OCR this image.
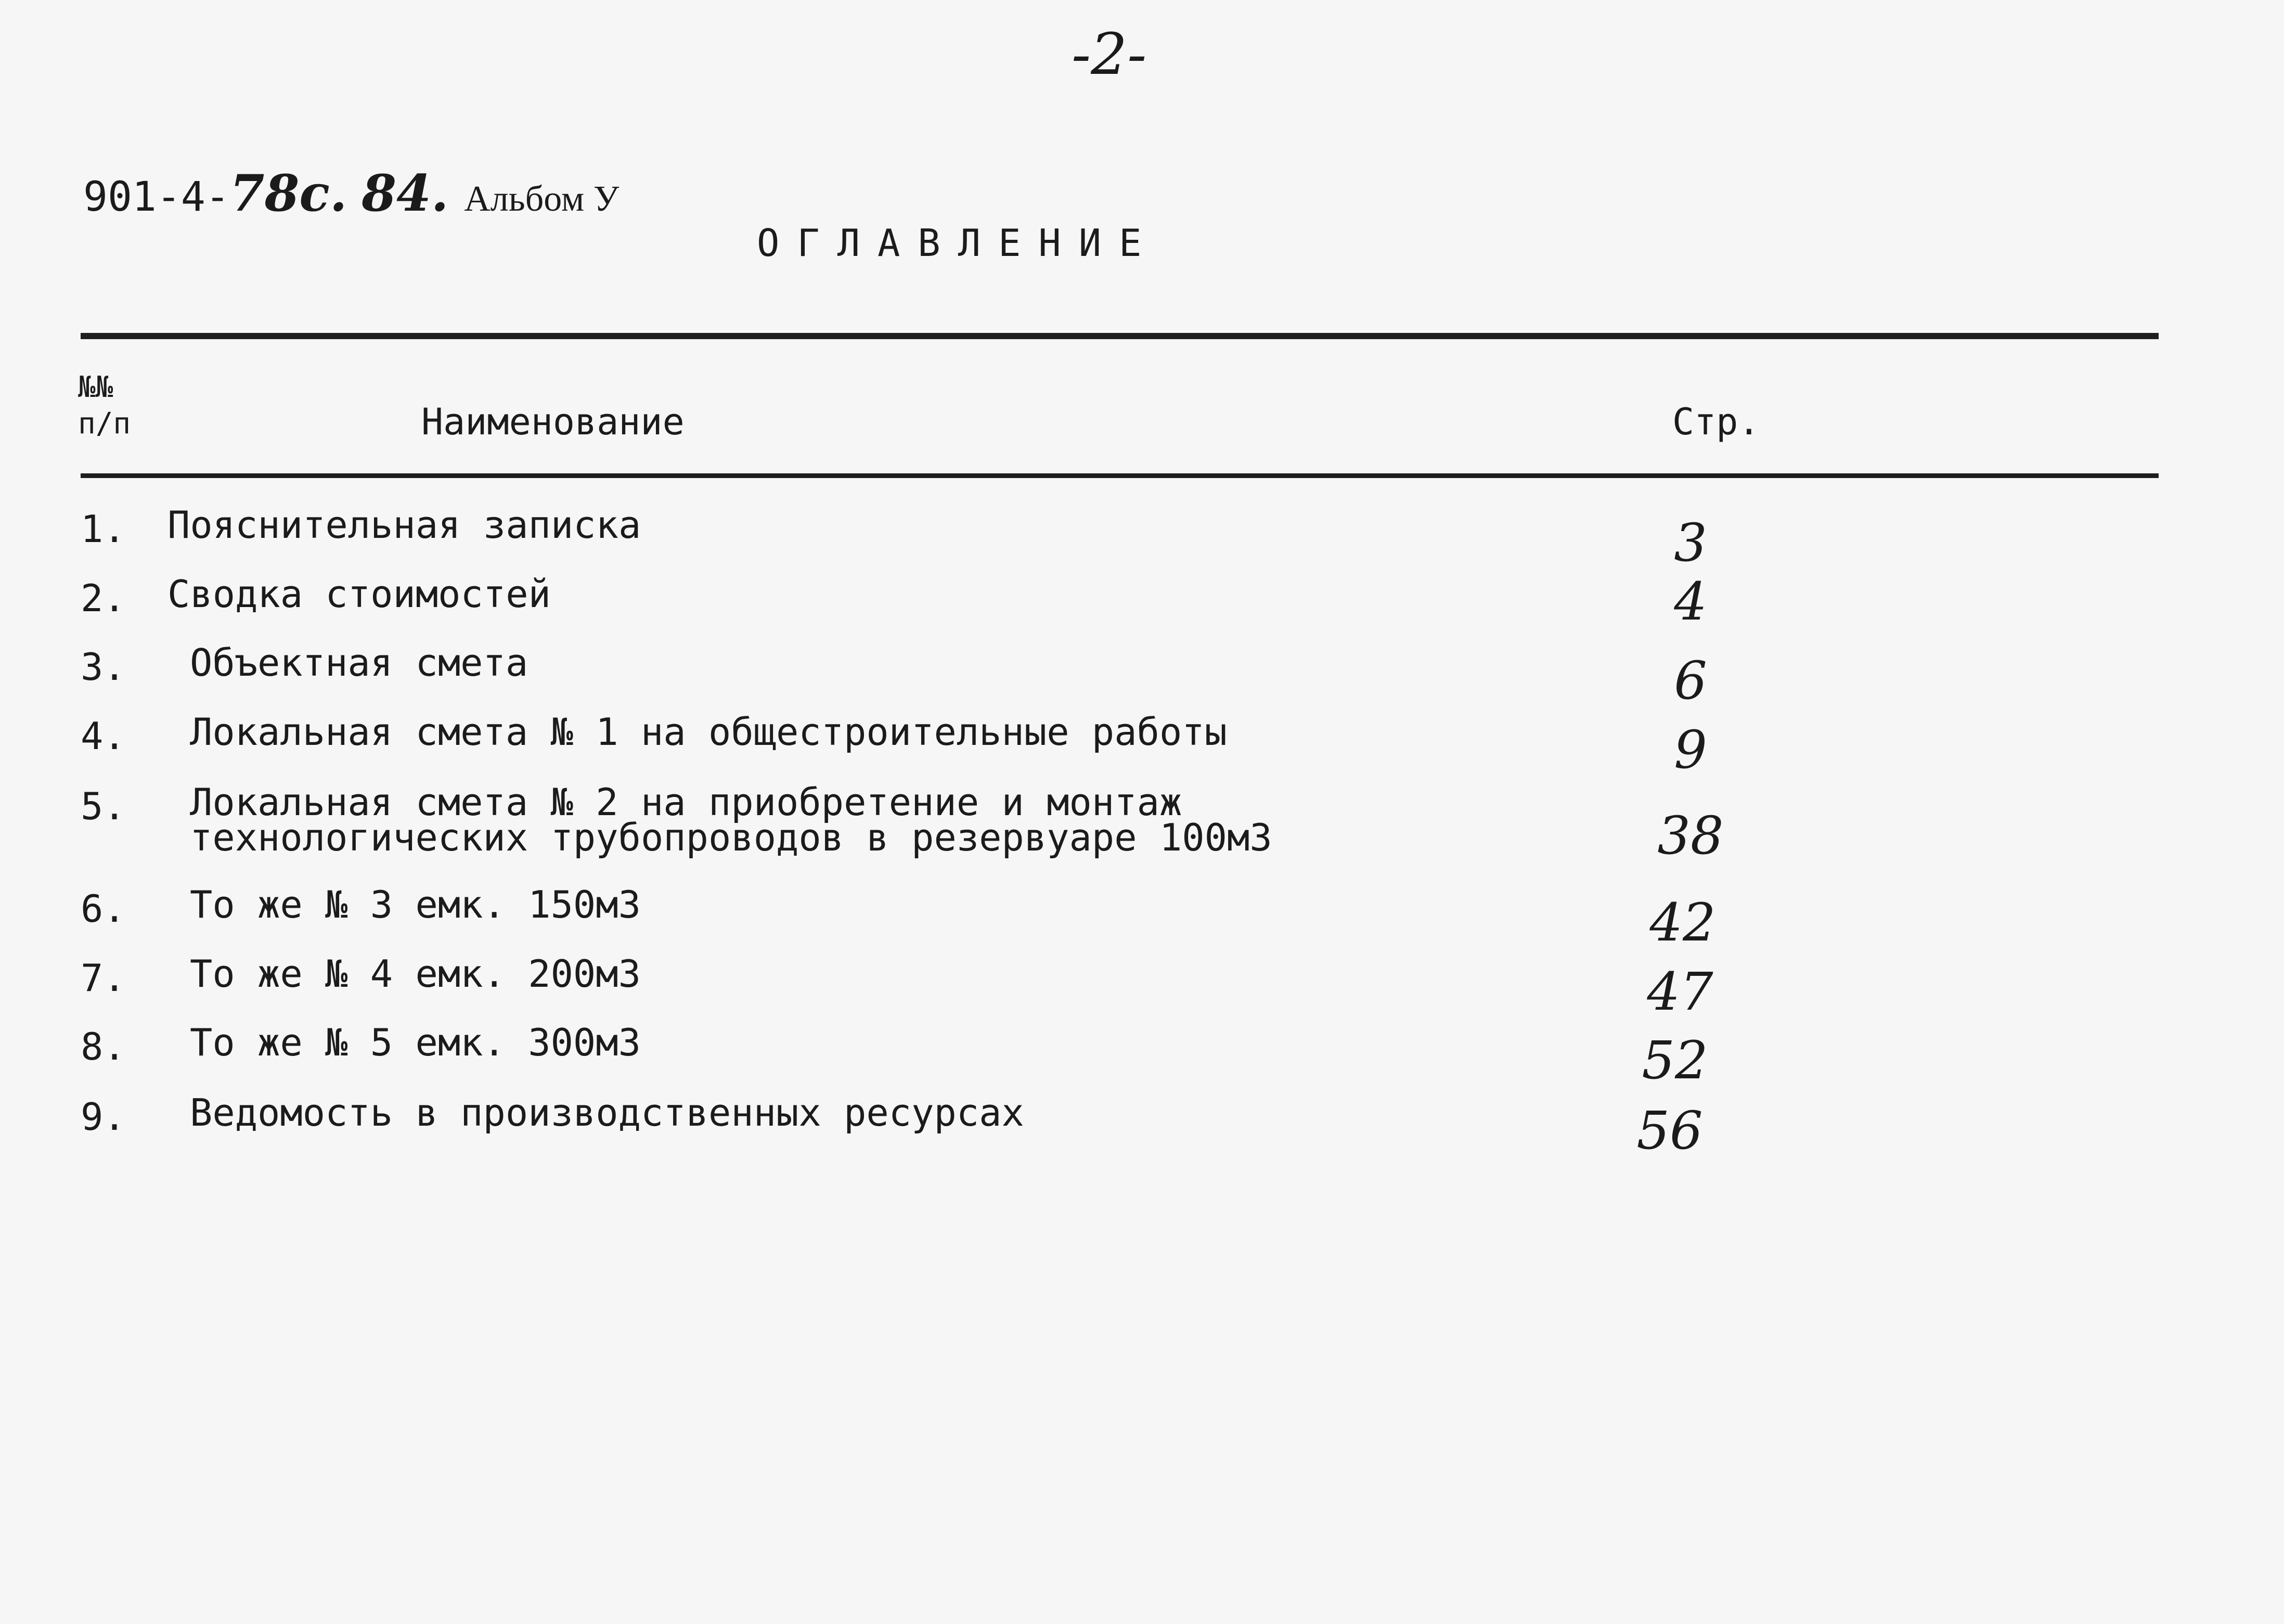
-2-
901-4- 78с. 84. Альбом У
ОГЛАВЛЕНИЕ
№№
п/п	Наименование	Стр.
1. Пояснительная записка	3
2. Сводка стоимостей	4
3. Объектная смета	6
4. Локальная смета № 1 на общестроительные работы	9
5. Локальная смета № 2 на приобретение и монтаж
технологических трубопроводов в резервуаре 100м3	38
6. То же № 3 емк. 150м3	42
7. То же № 4 емк. 200м3	47
8. То же № 5 емк. 300м3	52
9. Ведомость в производственных ресурсах	56
